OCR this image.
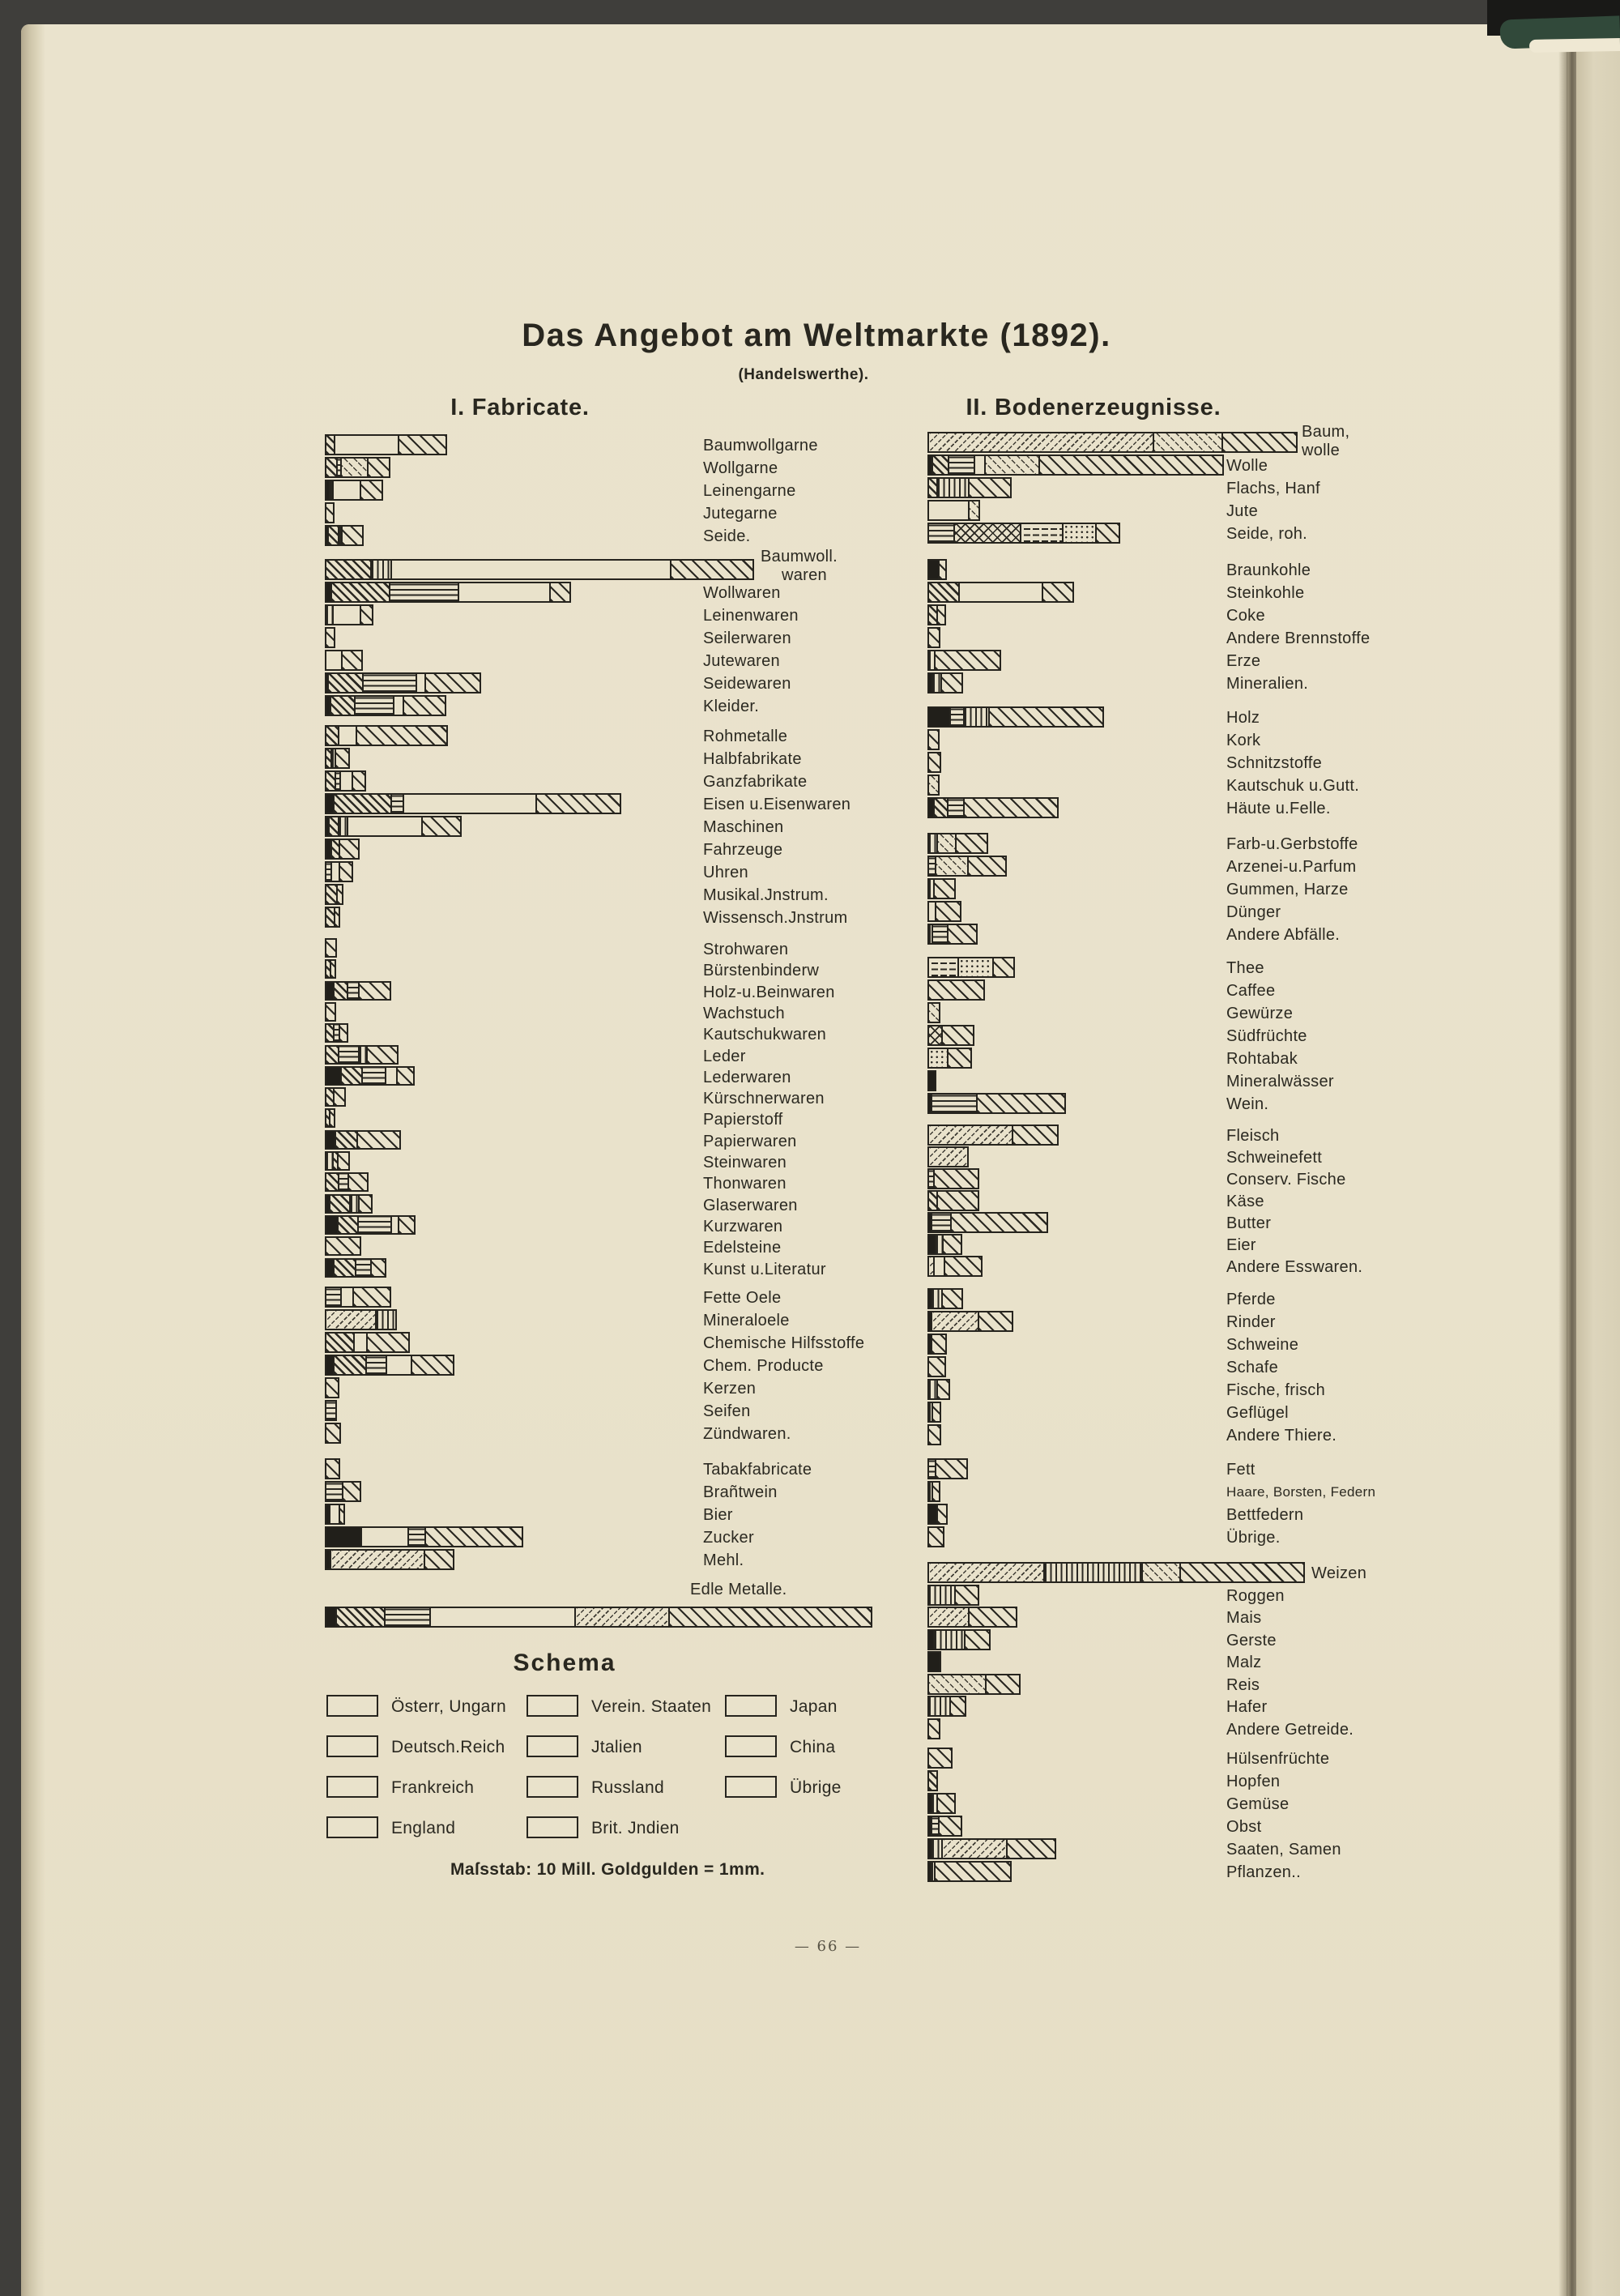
Das Angebot am Weltmarkte (1892).
(Handelswerthe).
I. Fabricate.	II. Bodenerzeugnisse.
Baumwollgarne
Wollgarne
Leinengarne
Jutegarne
Seide.
Baumwoll.
waren
Wollwaren
Leinenwaren
Seilerwaren
Jutewaren
Seidewaren
Kleider.
Rohmetalle
Halbfabrikate
Ganzfabrikate
Eisen u.Eisenwaren
Maschinen
Fahrzeuge
Uhren
Musikal.Jnstrum.
Wissensch.Jnstrum
Strohwaren
Bürstenbinderw
Holz-u.Beinwaren
Wachstuch
Kautschukwaren
Leder
Lederwaren
Kürschnerwaren
Papierstoff
Papierwaren
Steinwaren
Thonwaren
Glaserwaren
Kurzwaren
Edelsteine
Kunst u.Literatur
Fette Oele
Mineraloele
Chemische Hilfsstoffe
Chem. Producte
Kerzen
Seifen
Zündwaren.
Tabakfabricate
Brañtwein
Bier
Zucker
Mehl.
Edle Metalle.
Baum,
wolle
Wolle
Flachs, Hanf
Jute
Seide, roh.
Braunkohle
Steinkohle
Coke
Andere Brennstoffe
Erze
Mineralien.
Holz
Kork
Schnitzstoffe
Kautschuk u.Gutt.
Häute u.Felle.
Farb-u.Gerbstoffe
Arzenei-u.Parfum
Gummen, Harze
Dünger
Andere Abfälle.
Thee
Caffee
Gewürze
Südfrüchte
Rohtabak
Mineralwässer
Wein.
Fleisch
Schweinefett
Conserv. Fische
Käse
Butter
Eier
Andere Esswaren.
Pferde
Rinder
Schweine
Schafe
Fische, frisch
Geflügel
Andere Thiere.
Fett
Haare, Borsten, Federn
Bettfedern
Übrige.
Weizen
Roggen
Mais
Gerste
Malz
Reis
Hafer
Andere Getreide.
Hülsenfrüchte
Hopfen
Gemüse
Obst
Saaten, Samen
Pflanzen..
Schema
Österr, Ungarn
Deutsch.Reich
Frankreich
England
Verein. Staaten
Jtalien
Russland
Brit. Jndien
Japan
China
Übrige
Maſsstab: 10 Mill. Goldgulden = 1mm.
— 66 —
